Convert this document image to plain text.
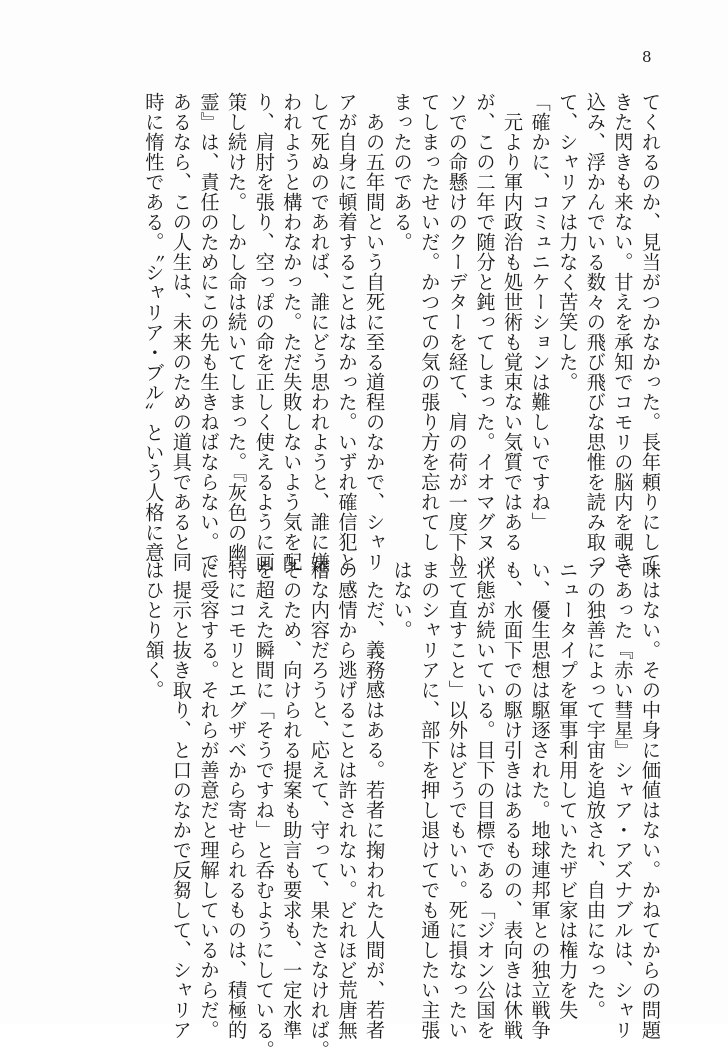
8
てくれるのか、見当がつかなかった。長年頼りにして
きた閃きも来ない。甘えを承知でコモリの脳内を覗き
込み、浮かんでいる数々の飛び飛びな思惟を読み取っ
て、シャリアは力なく苦笑した。
「確かに、コミュニケーションは難しいですね」
　元より軍内政治も処世術も覚束ない気質ではある
が、この二年で随分と鈍ってしまった。イオマグヌッ
ソでの命懸けのクーデターを経て、肩の荷が一度下り
てしまったせいだ。かつての気の張り方を忘れてし
まったのである。
　あの五年間という自死に至る道程のなかで、シャリ
アが自身に頓着することはなかった。いずれ確信犯と
して死ぬのであれば、誰にどう思われようと、誰に嫌
われようと構わなかった。ただ失敗しないよう気を配
り、肩肘を張り、空っぽの命を正しく使えるように画
策し続けた。しかし命は続いてしまった。『灰色の幽
霊』は、責任のためにこの先も生きねばならない。で
あるなら、この人生は、未来のための道具であると同
時に惰性である。〝シャリア・ブル〟という人格に意
味はない。その中身に価値はない。かねてからの問題
であった『赤い彗星』シャア・アズナブルは、シャリ
アの独善によって宇宙を追放され、自由になった。
ニュータイプを軍事利用していたザビ家は権力を失
い、優生思想は駆逐された。地球連邦軍との独立戦争
も、水面下での駆け引きはあるものの、表向きは休戦
状態が続いている。目下の目標である「ジオン公国を
立て直すこと」以外はどうでもいい。死に損なったい
まのシャリアに、部下を押し退けてでも通したい主張
はない。
　ただ、義務感はある。若者に掬われた人間が、若者
の感情から逃げることは許されない。どれほど荒唐無
稽な内容だろうと、応えて、守って、果たさなければ。
そのため、向けられる提案も助言も要求も、一定水準
を超えた瞬間に「そうですね」と呑むようにしている。
特にコモリとエグザベから寄せられるものは、積極的
に受容する。それらが善意だと理解しているからだ。
　提示と抜き取り、と口のなかで反芻して、シャリア
はひとり頷く。
